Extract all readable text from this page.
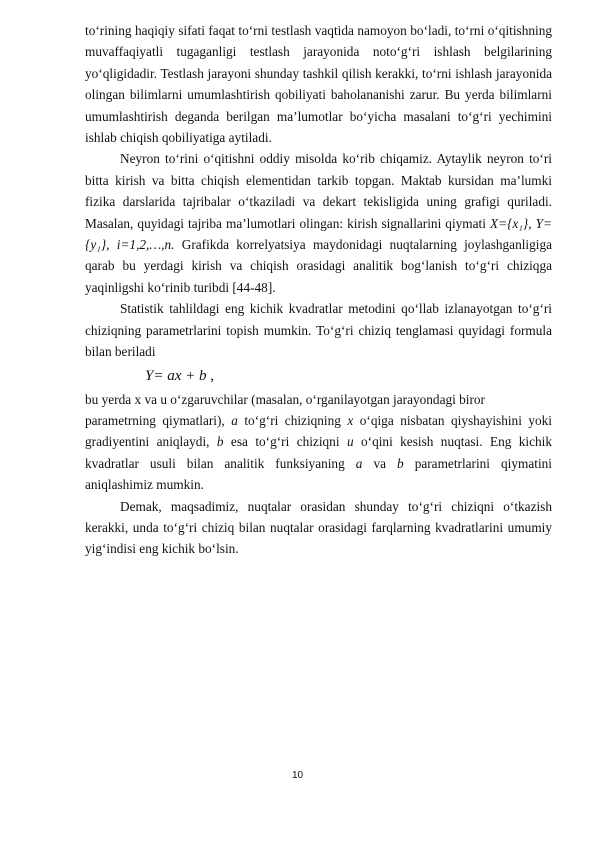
to‘rining haqiqiy sifati faqat to‘rni testlash vaqtida namoyon bo‘ladi, to‘rni o‘qitishning muvaffaqiyatli tugaganligi testlash jarayonida noto‘g‘ri ishlash belgilarining yo‘qligidadir. Testlash jarayoni shunday tashkil qilish kerakki, to‘rni ishlash jarayonida olingan bilimlarni umumlashtirish qobiliyati baholananishi zarur. Bu yerda bilimlarni umumlashtirish deganda berilgan ma’lumotlar bo‘yicha masalani to‘g‘ri yechimini ishlab chiqish qobiliyatiga aytiladi.

Neyron to‘rini o‘qitishni oddiy misolda ko‘rib chiqamiz. Aytaylik neyron to‘ri bitta kirish va bitta chiqish elementidan tarkib topgan. Maktab kursidan ma’lumki fizika darslarida tajribalar o‘tkaziladi va dekart tekisligida uning grafigi quriladi. Masalan, quyidagi tajriba ma’lumotlari olingan: kirish signallarini qiymati X={x₁}, Y={y₁}, i=1,2,…,n. Grafikda korrelyatsiya maydonidagi nuqtalarning joylashganligiga qarab bu yerdagi kirish va chiqish orasidagi analitik bog‘lanish to‘g‘ri chiziqga yaqinligshi ko‘rinib turibdi [44-48].

Statistik tahlildagi eng kichik kvadratlar metodini qo‘llab izlanayotgan to‘g‘ri chiziqning parametrlarini topish mumkin. To‘g‘ri chiziq tenglamasi quyidagi formula bilan beriladi

Y= ax + b ,

bu yerda x va u o‘zgaruvchilar (masalan, o‘rganilayotgan jarayondagi biror

parametrning qiymatlari), a to‘g‘ri chiziqning x o‘qiga nisbatan qiyshayishini yoki gradiyentini aniqlaydi, b esa to‘g‘ri chiziqni u o‘qini kesish nuqtasi. Eng kichik kvadratlar usuli bilan analitik funksiyaning a va b parametrlarini qiymatini aniqlashimiz mumkin.

Demak, maqsadimiz, nuqtalar orasidan shunday to‘g‘ri chiziqni o‘tkazish kerakki, unda to‘g‘ri chiziq bilan nuqtalar orasidagi farqlarning kvadratlarini umumiy yig‘indisi eng kichik bo‘lsin.

10
